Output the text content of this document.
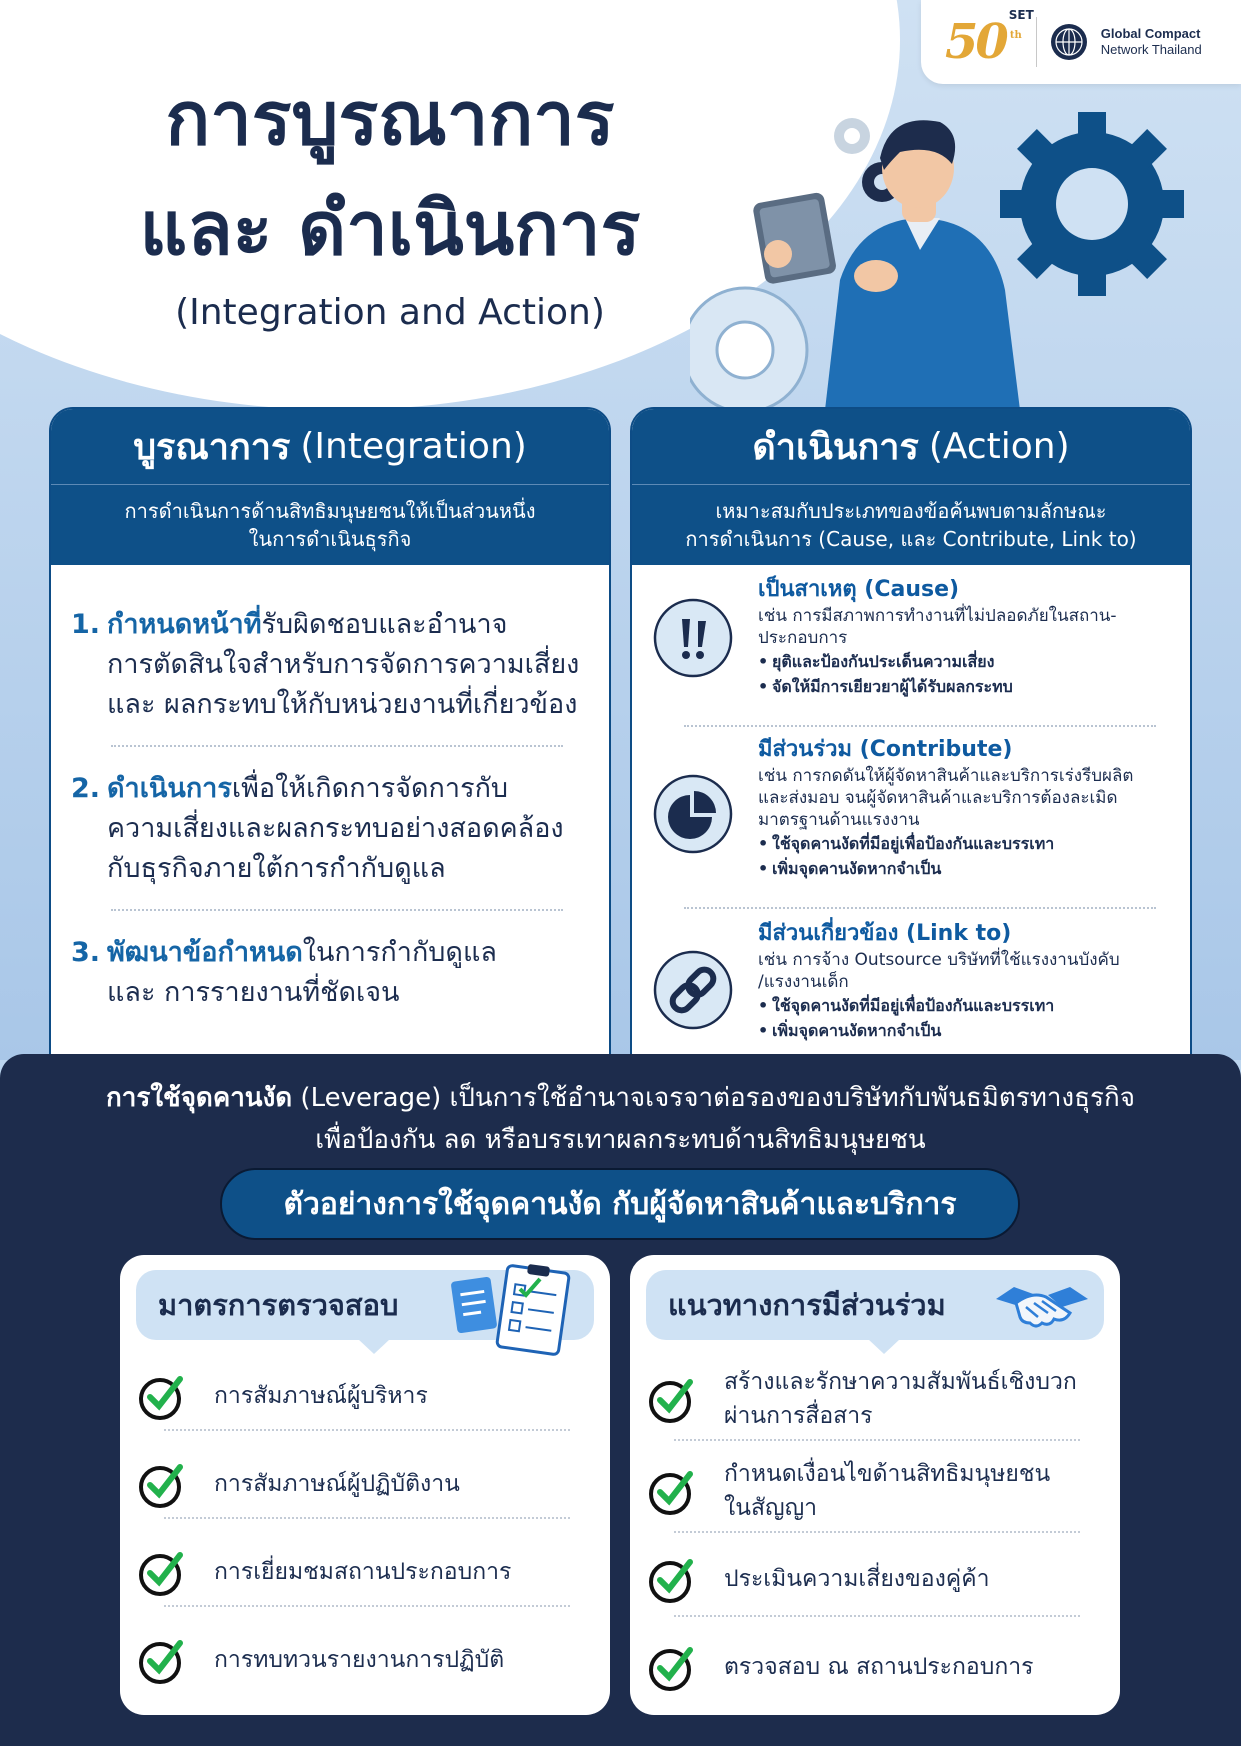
50 SET
th	Global Compact
Network Thailand
การบูรณาการ
และ ดำเนินการ
(Integration and Action)
บูรณาการ (Integration)
การดำเนินการด้านสิทธิมนุษยชนให้เป็นส่วนหนึ่ง
ในการดำเนินธุรกิจ
1. กำหนดหน้าที่รับผิดชอบและอำนาจ
การตัดสินใจสำหรับการจัดการความเสี่ยง
และ ผลกระทบให้กับหน่วยงานที่เกี่ยวข้อง
2. ดำเนินการเพื่อให้เกิดการจัดการกับ
ความเสี่ยงและผลกระทบอย่างสอดคล้อง
กับธุรกิจภายใต้การกำกับดูแล
3. พัฒนาข้อกำหนดในการกำกับดูแล
และ การรายงานที่ชัดเจน
ดำเนินการ (Action)
เหมาะสมกับประเภทของข้อค้นพบตามลักษณะ
การดำเนินการ (Cause, และ Contribute, Link to)
เป็นสาเหตุ (Cause)
เช่น การมีสภาพการทำงานที่ไม่ปลอดภัยในสถาน-
ประกอบการ
• ยุติและป้องกันประเด็นความเสี่ยง
• จัดให้มีการเยียวยาผู้ได้รับผลกระทบ
มีส่วนร่วม (Contribute)
เช่น การกดดันให้ผู้จัดหาสินค้าและบริการเร่งรีบผลิต
และส่งมอบ จนผู้จัดหาสินค้าและบริการต้องละเมิด
มาตรฐานด้านแรงงาน
• ใช้จุดคานงัดที่มีอยู่เพื่อป้องกันและบรรเทา
• เพิ่มจุดคานงัดหากจำเป็น
มีส่วนเกี่ยวข้อง (Link to)
เช่น การจ้าง Outsource บริษัทที่ใช้แรงงานบังคับ
/แรงงานเด็ก
• ใช้จุดคานงัดที่มีอยู่เพื่อป้องกันและบรรเทา
• เพิ่มจุดคานงัดหากจำเป็น
การใช้จุดคานงัด (Leverage) เป็นการใช้อำนาจเจรจาต่อรองของบริษัทกับพันธมิตรทางธุรกิจ
เพื่อป้องกัน ลด หรือบรรเทาผลกระทบด้านสิทธิมนุษยชน
ตัวอย่างการใช้จุดคานงัด กับผู้จัดหาสินค้าและบริการ
มาตรการตรวจสอบ
การสัมภาษณ์ผู้บริหาร
การสัมภาษณ์ผู้ปฏิบัติงาน
การเยี่ยมชมสถานประกอบการ
การทบทวนรายงานการปฏิบัติ
แนวทางการมีส่วนร่วม
สร้างและรักษาความสัมพันธ์เชิงบวก
ผ่านการสื่อสาร
กำหนดเงื่อนไขด้านสิทธิมนุษยชน
ในสัญญา
ประเมินความเสี่ยงของคู่ค้า
ตรวจสอบ ณ สถานประกอบการ
